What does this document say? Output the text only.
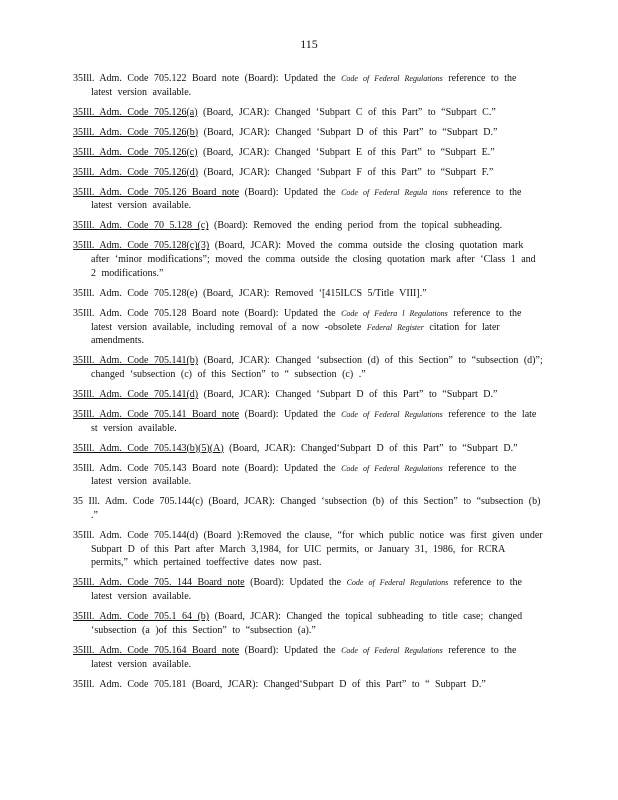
115

35Ill. Adm. Code 705.122 Board note (Board): Updated the Code of Federal Regulations reference to the latest version available.

35Ill. Adm. Code 705.126(a) (Board, JCAR): Changed ‘Subpart C of this Part” to “Subpart C.”

35Ill. Adm. Code 705.126(b) (Board, JCAR): Changed ‘Subpart D of this Part” to “Subpart D.”

35Ill. Adm. Code 705.126(c) (Board, JCAR): Changed ‘Subpart E of this Part” to “Subpart E.”

35Ill. Adm. Code 705.126(d) (Board, JCAR): Changed ‘Subpart F of this Part” to “Subpart F.”

35Ill. Adm. Code 705.126 Board note (Board): Updated the Code of Federal Regula tions reference to the latest version available.

35Ill. Adm. Code 70 5.128 (c) (Board): Removed the ending period from the topical subheading.

35Ill. Adm. Code 705.128(c)(3) (Board, JCAR): Moved the comma outside the closing quotation mark after ‘minor modifications”; moved the comma outside the closing quotation mark after ‘Class 1 and 2 modifications.”

35Ill. Adm. Code 705.128(e) (Board, JCAR): Removed ‘[415ILCS 5/Title VIII].”

35Ill. Adm. Code 705.128 Board note (Board): Updated the Code of Federa l Regulations reference to the latest version available, including removal of a now -obsolete Federal Register citation for later amendments.

35Ill. Adm. Code 705.141(b) (Board, JCAR): Changed ‘subsection (d) of this Section” to “subsection (d)”; changed ‘subsection (c) of this Section” to “ subsection (c) .”

35Ill. Adm. Code 705.141(d) (Board, JCAR): Changed ‘Subpart D of this Part” to “Subpart D.”

35Ill. Adm. Code 705.141 Board note (Board): Updated the Code of Federal Regulations reference to the late st version available.

35Ill. Adm. Code 705.143(b)(5)(A) (Board, JCAR): Changed‘Subpart D of this Part” to “Subpart D.”

35Ill. Adm. Code 705.143 Board note (Board): Updated the Code of Federal Regulations reference to the latest version available.

35 Ill. Adm. Code 705.144(c) (Board, JCAR): Changed ‘subsection (b) of this Section” to “subsection (b) .”

35Ill. Adm. Code 705.144(d) (Board ):Removed the clause, “for which public notice was first given under Subpart D of this Part after March 3,1984, for UIC permits, or January 31, 1986, for RCRA permits,” which pertained toeffective dates now past.

35Ill. Adm. Code 705. 144 Board note (Board): Updated the Code of Federal Regulations reference to the latest version available.

35Ill. Adm. Code 705.1 64 (b) (Board, JCAR): Changed the topical subheading to title case; changed ‘subsection (a )of this Section” to “subsection (a).”

35Ill. Adm. Code 705.164 Board note (Board): Updated the Code of Federal Regulations reference to the latest version available.

35Ill. Adm. Code 705.181 (Board, JCAR): Changed‘Subpart D of this Part” to “ Subpart D.”
